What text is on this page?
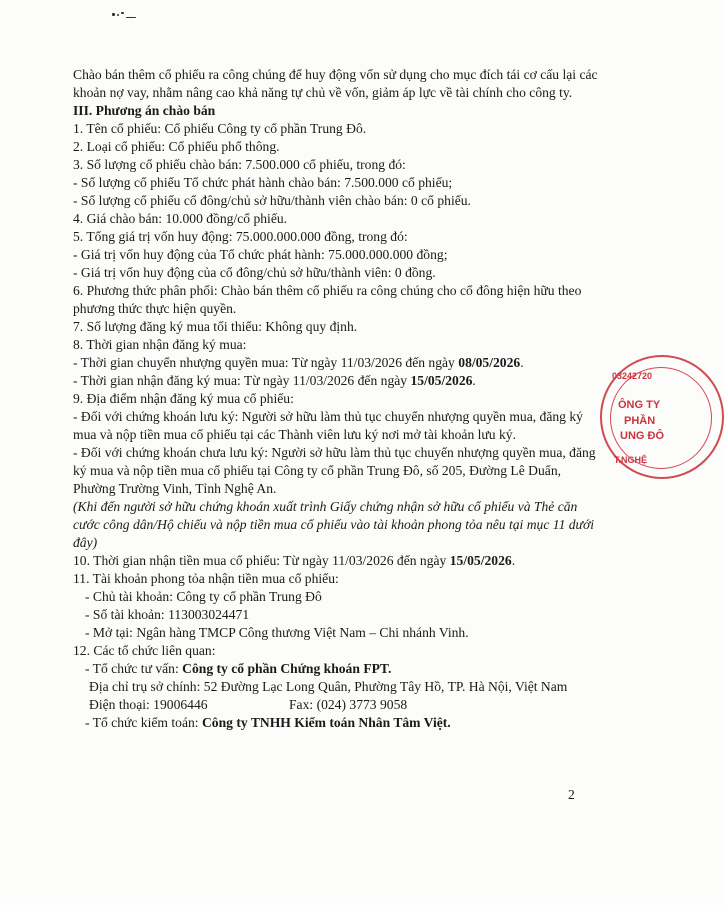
Chào bán thêm cổ phiếu ra công chúng để huy động vốn sử dụng cho mục đích tái cơ cấu lại các khoản nợ vay, nhằm nâng cao khả năng tự chủ về vốn, giảm áp lực về tài chính cho công ty.

III. Phương án chào bán

1. Tên cổ phiếu: Cổ phiếu Công ty cổ phần Trung Đô.

2. Loại cổ phiếu: Cổ phiếu phổ thông.

3. Số lượng cổ phiếu chào bán: 7.500.000 cổ phiếu, trong đó:

- Số lượng cổ phiếu Tổ chức phát hành chào bán: 7.500.000 cổ phiếu;

- Số lượng cổ phiếu cổ đông/chủ sở hữu/thành viên chào bán: 0 cổ phiếu.

4. Giá chào bán: 10.000 đồng/cổ phiếu.

5. Tổng giá trị vốn huy động: 75.000.000.000 đồng, trong đó:

- Giá trị vốn huy động của Tổ chức phát hành: 75.000.000.000 đồng;

- Giá trị vốn huy động của cổ đông/chủ sở hữu/thành viên: 0 đồng.

6. Phương thức phân phối: Chào bán thêm cổ phiếu ra công chúng cho cổ đông hiện hữu theo phương thức thực hiện quyền.

7. Số lượng đăng ký mua tối thiểu: Không quy định.

8. Thời gian nhận đăng ký mua:

- Thời gian chuyển nhượng quyền mua: Từ ngày 11/03/2026 đến ngày 08/05/2026.

- Thời gian nhận đăng ký mua: Từ ngày 11/03/2026 đến ngày 15/05/2026.

9. Địa điểm nhận đăng ký mua cổ phiếu:

- Đối với chứng khoán lưu ký: Người sở hữu làm thủ tục chuyển nhượng quyền mua, đăng ký mua và nộp tiền mua cổ phiếu tại các Thành viên lưu ký nơi mở tài khoản lưu ký.

- Đối với chứng khoán chưa lưu ký: Người sở hữu làm thủ tục chuyển nhượng quyền mua, đăng ký mua và nộp tiền mua cổ phiếu tại Công ty cổ phần Trung Đô, số 205, Đường Lê Duẩn, Phường Trường Vinh, Tỉnh Nghệ An.

(Khi đến người sở hữu chứng khoán xuất trình Giấy chứng nhận sở hữu cổ phiếu và Thẻ căn cước công dân/Hộ chiếu và nộp tiền mua cổ phiếu vào tài khoản phong tỏa nêu tại mục 11 dưới đây)

10. Thời gian nhận tiền mua cổ phiếu: Từ ngày 11/03/2026 đến ngày 15/05/2026.

11. Tài khoản phong tỏa nhận tiền mua cổ phiếu:

- Chủ tài khoản: Công ty cổ phần Trung Đô

- Số tài khoản: 113003024471

- Mở tại: Ngân hàng TMCP Công thương Việt Nam – Chi nhánh Vinh.

12. Các tổ chức liên quan:

- Tổ chức tư vấn: Công ty cổ phần Chứng khoán FPT.

Địa chỉ trụ sở chính: 52 Đường Lạc Long Quân, Phường Tây Hồ, TP. Hà Nội, Việt Nam

Điện thoại: 19006446	Fax: (024) 3773 9058

- Tổ chức kiểm toán: Công ty TNHH Kiểm toán Nhân Tâm Việt.

2
03242720
ÔNG TY
PHẦN
UNG ĐÔ
T.NGHỆ
